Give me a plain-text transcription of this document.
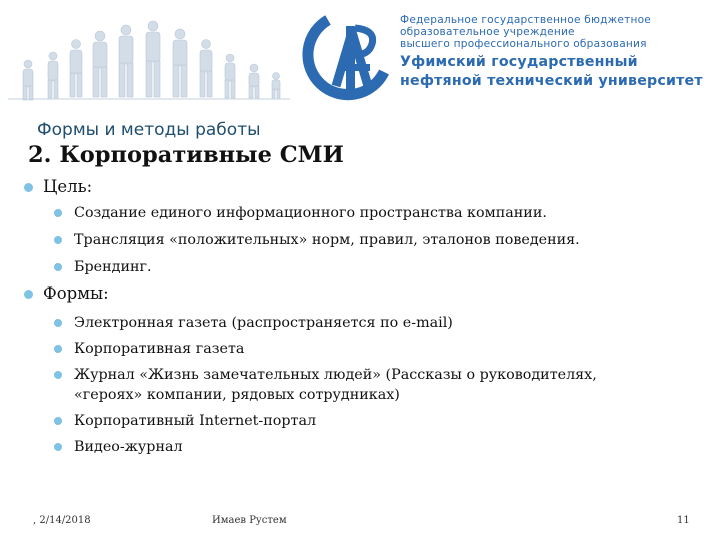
Федеральное государственное бюджетное
образовательное учреждение
высшего профессионального образования
Уфимский государственный
нефтяной технический университет
Формы и методы работы
2. Корпоративные СМИ
Цель:
Создание единого информационного пространства компании.
Трансляция «положительных» норм, правил, эталонов поведения.
Брендинг.
Формы:
Электронная газета (распространяется по e-mail)
Корпоративная газета
Журнал «Жизнь замечательных людей» (Рассказы о руководителях,
«героях» компании, рядовых сотрудниках)
Корпоративный Internet-портал
Видео-журнал
, 2/14/2018	Имаев Рустем	11
